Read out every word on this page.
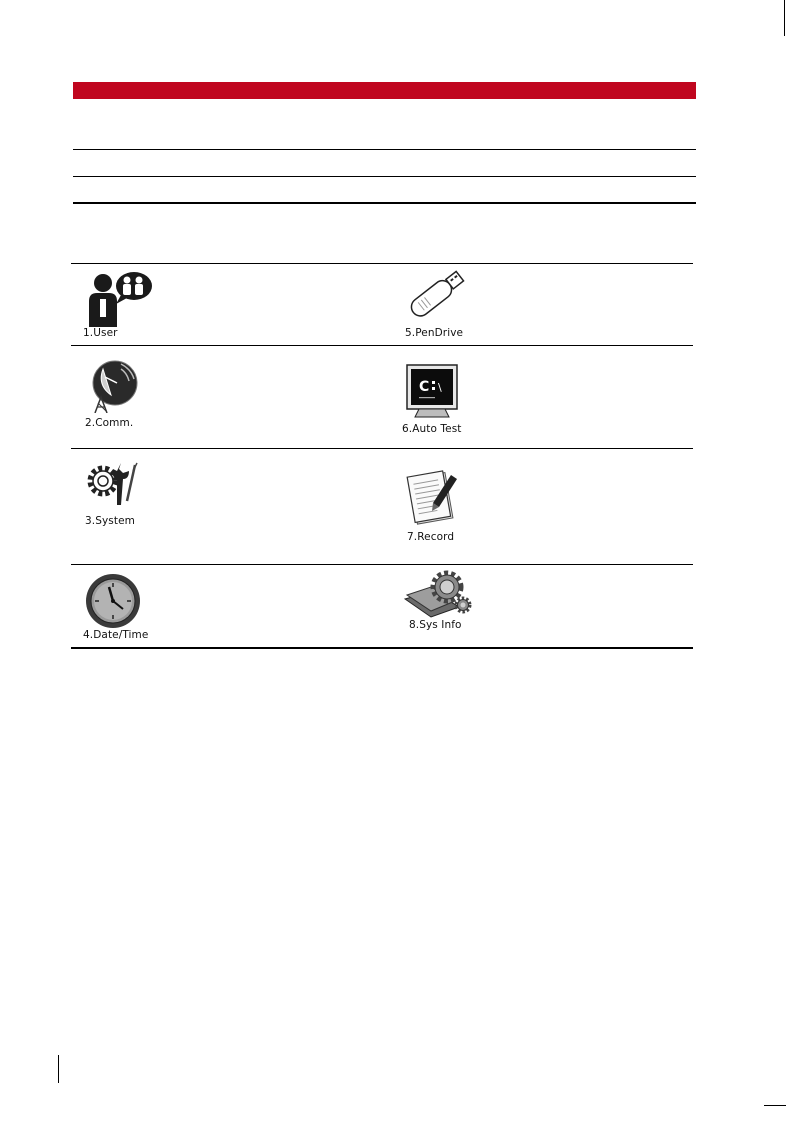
1.User
2.Comm.
3.System
4.Date/Time
5.PenDrive
C \
6.Auto Test
7.Record
8.Sys Info
